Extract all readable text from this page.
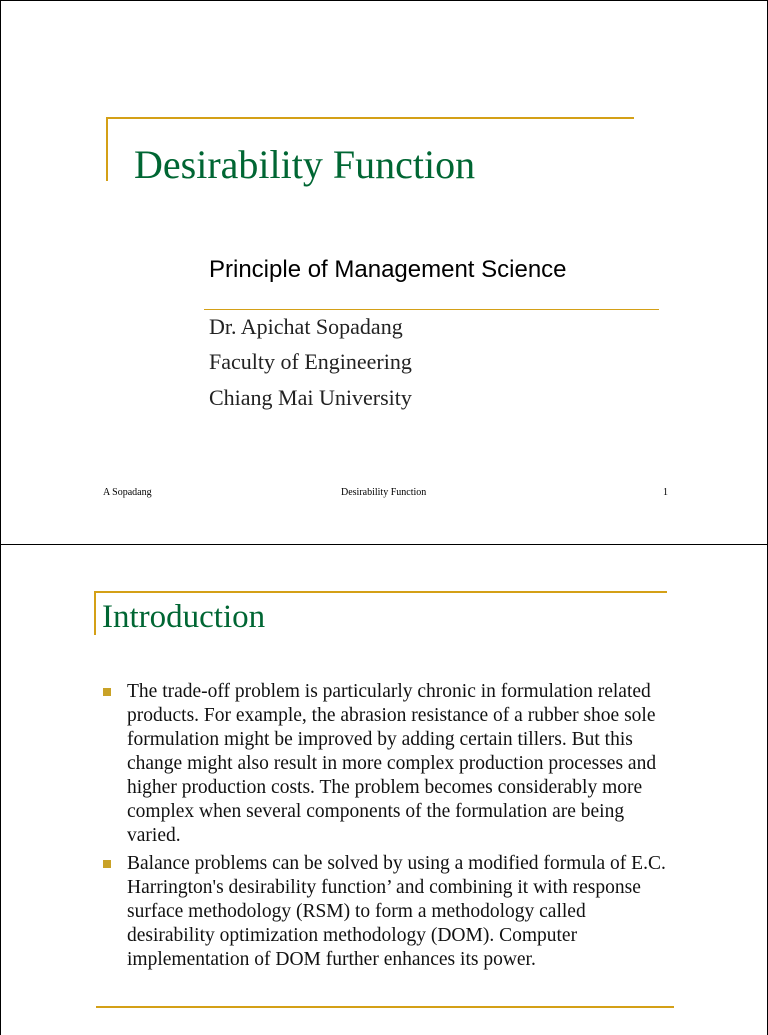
Desirability Function
Principle of Management Science
Dr. Apichat Sopadang
Faculty of Engineering
Chiang Mai University
A Sopadang	Desirability Function	1
Introduction
The trade-off problem is particularly chronic in formulation related products. For example, the abrasion resistance of a rubber shoe sole formulation might be improved by adding certain tillers. But this change might also result in more complex production processes and higher production costs. The problem becomes considerably more complex when several components of the formulation are being varied.
Balance problems can be solved by using a modified formula of E.C. Harrington's desirability function’ and combining it with response surface methodology (RSM) to form a methodology called desirability optimization methodology (DOM). Computer implementation of DOM further enhances its power.
